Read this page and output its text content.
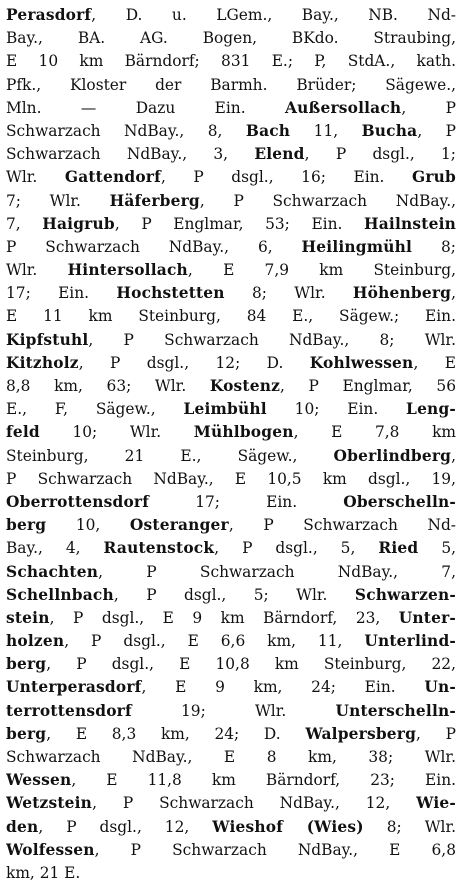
Perasdorf, D. u. LGem., Bay., NB. Nd-
Bay., BA. AG. Bogen, BKdo. Straubing,
E 10 km Bärndorf; 831 E.; P, StdA., kath.
Pfk., Kloster der Barmh. Brüder; Sägewe.,
Mln. — Dazu Ein. Außersollach, P
Schwarzach NdBay., 8, Bach 11, Bucha, P
Schwarzach NdBay., 3, Elend, P dsgl., 1;
Wlr. Gattendorf, P dsgl., 16; Ein. Grub
7; Wlr. Häferberg, P Schwarzach NdBay.,
7, Haigrub, P Englmar, 53; Ein. Hailnstein
P Schwarzach NdBay., 6, Heilingmühl 8;
Wlr. Hintersollach, E 7,9 km Steinburg,
17; Ein. Hochstetten 8; Wlr. Höhenberg,
E 11 km Steinburg, 84 E., Sägew.; Ein.
Kipfstuhl, P Schwarzach NdBay., 8; Wlr.
Kitzholz, P dsgl., 12; D. Kohlwessen, E
8,8 km, 63; Wlr. Kostenz, P Englmar, 56
E., F, Sägew., Leimbühl 10; Ein. Leng-
feld 10; Wlr. Mühlbogen, E 7,8 km
Steinburg, 21 E., Sägew., Oberlindberg,
P Schwarzach NdBay., E 10,5 km dsgl., 19,
Oberrottensdorf 17; Ein. Oberschelln-
berg 10, Osteranger, P Schwarzach Nd-
Bay., 4, Rautenstock, P dsgl., 5, Ried 5,
Schachten, P Schwarzach NdBay., 7,
Schellnbach, P dsgl., 5; Wlr. Schwarzen-
stein, P dsgl., E 9 km Bärndorf, 23, Unter-
holzen, P dsgl., E 6,6 km, 11, Unterlind-
berg, P dsgl., E 10,8 km Steinburg, 22,
Unterperasdorf, E 9 km, 24; Ein. Un-
terrottensdorf 19; Wlr. Unterschelln-
berg, E 8,3 km, 24; D. Walpersberg, P
Schwarzach NdBay., E 8 km, 38; Wlr.
Wessen, E 11,8 km Bärndorf, 23; Ein.
Wetzstein, P Schwarzach NdBay., 12, Wie-
den, P dsgl., 12, Wieshof (Wies) 8; Wlr.
Wolfessen, P Schwarzach NdBay., E 6,8
km, 21 E.
